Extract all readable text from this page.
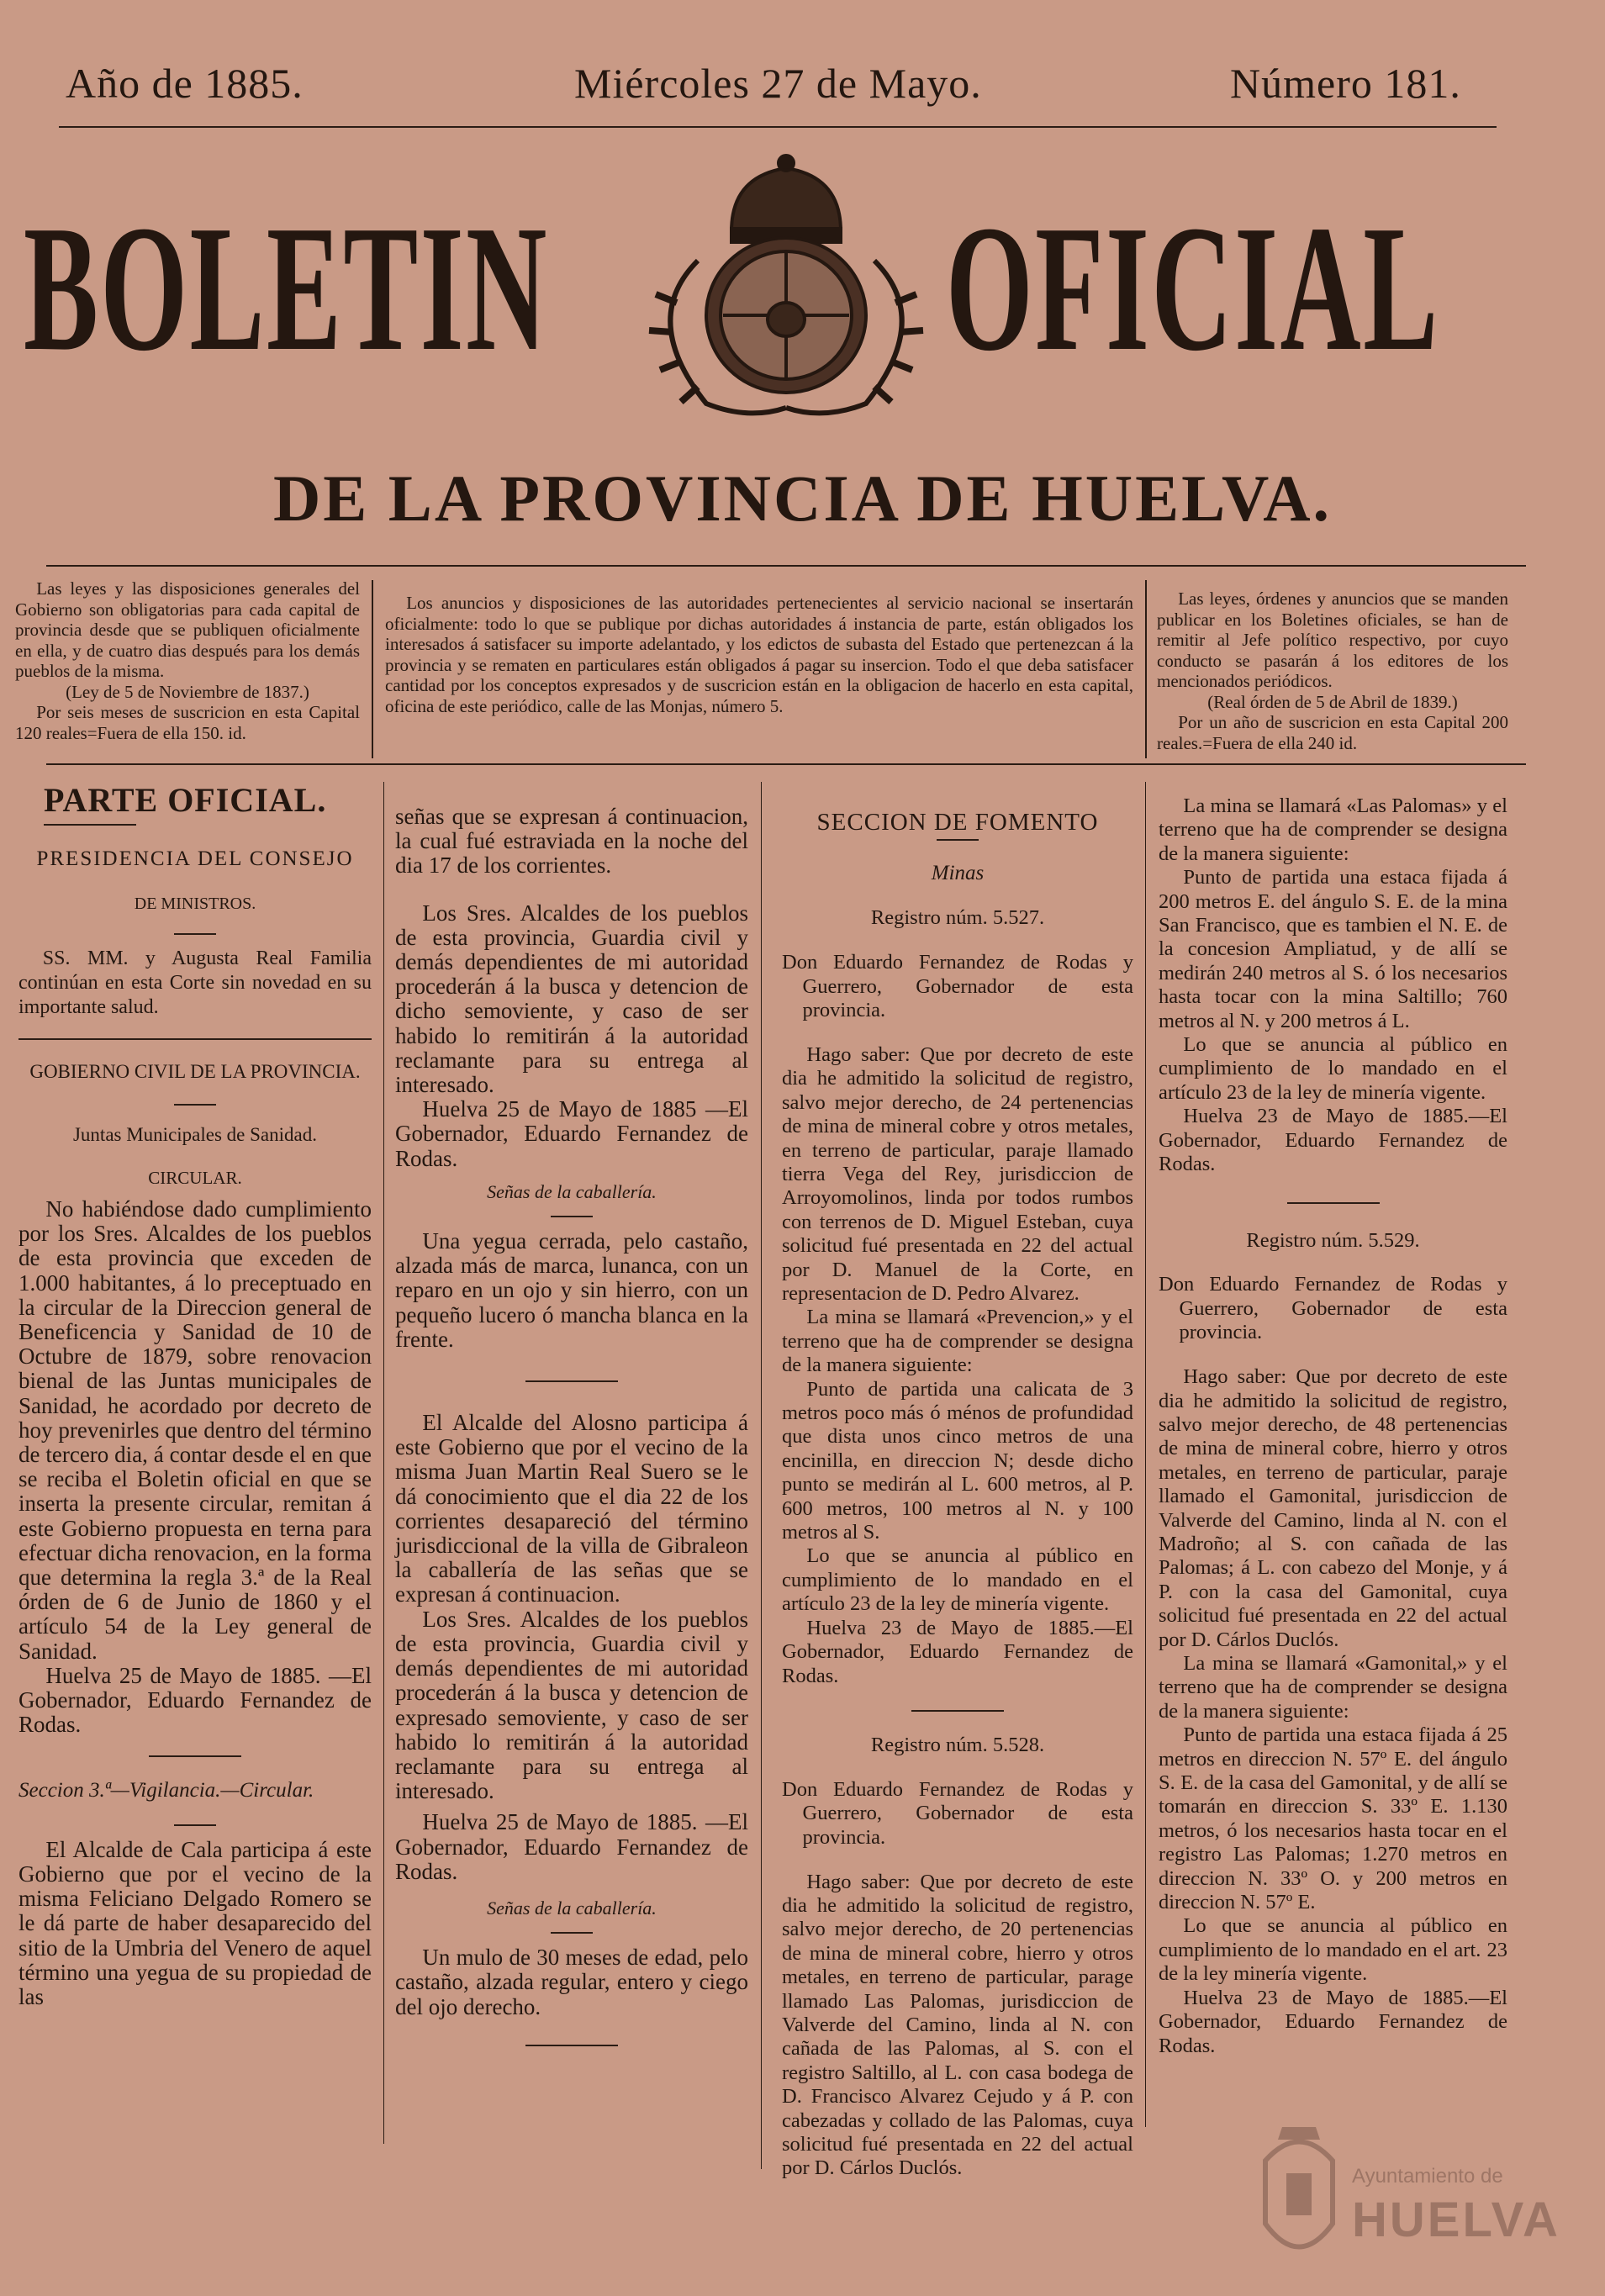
Año de 1885.	Miércoles 27 de Mayo.	Número 181.
BOLETIN OFICIAL
DE LA PROVINCIA DE HUELVA.

Las leyes y las disposiciones generales del Gobierno son obligatorias para cada capital de provincia desde que se publiquen oficialmente en ella, y de cuatro dias después para los demás pueblos de la misma.

(Ley de 5 de Noviembre de 1837.)

Por seis meses de suscricion en esta Capital 120 reales=Fuera de ella 150. id.

Los anuncios y disposiciones de las autoridades pertenecientes al servicio nacional se insertarán oficialmente: todo lo que se publique por dichas autoridades á instancia de parte, están obligados los interesados á satisfacer su importe adelantado, y los edictos de subasta del Estado que pertenezcan á la provincia y se rematen en particulares están obligados á pagar su insercion. Todo el que deba satisfacer cantidad por los conceptos expresados y de suscricion están en la obligacion de hacerlo en esta capital, oficina de este periódico, calle de las Monjas, número 5.

Las leyes, órdenes y anuncios que se manden publicar en los Boletines oficiales, se han de remitir al Jefe político respectivo, por cuyo conducto se pasarán á los editores de los mencionados periódicos.

(Real órden de 5 de Abril de 1839.)

Por un año de suscricion en esta Capital 200 reales.=Fuera de ella 240 id.

PARTE OFICIAL.

PRESIDENCIA DEL CONSEJO

DE MINISTROS.

SS. MM. y Augusta Real Familia continúan en esta Corte sin novedad en su importante salud.

GOBIERNO CIVIL DE LA PROVINCIA.

Juntas Municipales de Sanidad.

CIRCULAR.

No habiéndose dado cumplimiento por los Sres. Alcaldes de los pueblos de esta provincia que exceden de 1.000 habitantes, á lo preceptuado en la circular de la Direccion general de Beneficencia y Sanidad de 10 de Octubre de 1879, sobre renovacion bienal de las Juntas municipales de Sanidad, he acordado por decreto de hoy prevenirles que dentro del término de tercero dia, á contar desde el en que se reciba el Boletin oficial en que se inserta la presente circular, remitan á este Gobierno propuesta en terna para efectuar dicha renovacion, en la forma que determina la regla 3.ª de la Real órden de 6 de Junio de 1860 y el artículo 54 de la Ley general de Sanidad.

Huelva 25 de Mayo de 1885. —El Gobernador, Eduardo Fernandez de Rodas.

Seccion 3.ª—Vigilancia.—Circular.

El Alcalde de Cala participa á este Gobierno que por el vecino de la misma Feliciano Delgado Romero se le dá parte de haber desaparecido del sitio de la Umbria del Venero de aquel término una yegua de su propiedad de las

señas que se expresan á continuacion, la cual fué estraviada en la noche del dia 17 de los corrientes.

Los Sres. Alcaldes de los pueblos de esta provincia, Guardia civil y demás dependientes de mi autoridad procederán á la busca y detencion de dicho semoviente, y caso de ser habido lo remitirán á la autoridad reclamante para su entrega al interesado.

Huelva 25 de Mayo de 1885 —El Gobernador, Eduardo Fernandez de Rodas.

Señas de la caballería.

Una yegua cerrada, pelo castaño, alzada más de marca, lunanca, con un reparo en un ojo y sin hierro, con un pequeño lucero ó mancha blanca en la frente.

El Alcalde del Alosno participa á este Gobierno que por el vecino de la misma Juan Martin Real Suero se le dá conocimiento que el dia 22 de los corrientes desapareció del término jurisdiccional de la villa de Gibraleon la caballería de las señas que se expresan á continuacion.

Los Sres. Alcaldes de los pueblos de esta provincia, Guardia civil y demás dependientes de mi autoridad procederán á la busca y detencion de expresado semoviente, y caso de ser habido lo remitirán á la autoridad reclamante para su entrega al interesado.

Huelva 25 de Mayo de 1885. —El Gobernador, Eduardo Fernandez de Rodas.

Señas de la caballería.

Un mulo de 30 meses de edad, pelo castaño, alzada regular, entero y ciego del ojo derecho.

SECCION DE FOMENTO

Minas

Registro núm. 5.527.

Don Eduardo Fernandez de Rodas y Guerrero, Gobernador de esta provincia.

Hago saber: Que por decreto de este dia he admitido la solicitud de registro, salvo mejor derecho, de 24 pertenencias de mina de mineral cobre y otros metales, en terreno de particular, paraje llamado tierra Vega del Rey, jurisdiccion de Arroyomolinos, linda por todos rumbos con terrenos de D. Miguel Esteban, cuya solicitud fué presentada en 22 del actual por D. Manuel de la Corte, en representacion de D. Pedro Alvarez.

La mina se llamará «Prevencion,» y el terreno que ha de comprender se designa de la manera siguiente:

Punto de partida una calicata de 3 metros poco más ó ménos de profundidad que dista unos cinco metros de una encinilla, en direccion N; desde dicho punto se medirán al L. 600 metros, al P. 600 metros, 100 metros al N. y 100 metros al S.

Lo que se anuncia al público en cumplimiento de lo mandado en el artículo 23 de la ley de minería vigente.

Huelva 23 de Mayo de 1885.—El Gobernador, Eduardo Fernandez de Rodas.

Registro núm. 5.528.

Don Eduardo Fernandez de Rodas y Guerrero, Gobernador de esta provincia.

Hago saber: Que por decreto de este dia he admitido la solicitud de registro, salvo mejor derecho, de 20 pertenencias de mina de mineral cobre, hierro y otros metales, en terreno de particular, parage llamado Las Palomas, jurisdiccion de Valverde del Camino, linda al N. con cañada de las Palomas, al S. con el registro Saltillo, al L. con casa bodega de D. Francisco Alvarez Cejudo y á P. con cabezadas y collado de las Palomas, cuya solicitud fué presentada en 22 del actual por D. Cárlos Duclós.

La mina se llamará «Las Palomas» y el terreno que ha de comprender se designa de la manera siguiente:

Punto de partida una estaca fijada á 200 metros E. del ángulo S. E. de la mina San Francisco, que es tambien el N. E. de la concesion Ampliatud, y de allí se medirán 240 metros al S. ó los necesarios hasta tocar con la mina Saltillo; 760 metros al N. y 200 metros á L.

Lo que se anuncia al público en cumplimiento de lo mandado en el artículo 23 de la ley de minería vigente.

Huelva 23 de Mayo de 1885.—El Gobernador, Eduardo Fernandez de Rodas.

Registro núm. 5.529.

Don Eduardo Fernandez de Rodas y Guerrero, Gobernador de esta provincia.

Hago saber: Que por decreto de este dia he admitido la solicitud de registro, salvo mejor derecho, de 48 pertenencias de mina de mineral cobre, hierro y otros metales, en terreno de particular, paraje llamado el Gamonital, jurisdiccion de Valverde del Camino, linda al N. con el Madroño; al S. con cañada de las Palomas; á L. con cabezo del Monje, y á P. con la casa del Gamonital, cuya solicitud fué presentada en 22 del actual por D. Cárlos Duclós.

La mina se llamará «Gamonital,» y el terreno que ha de comprender se designa de la manera siguiente:

Punto de partida una estaca fijada á 25 metros en direccion N. 57º E. del ángulo S. E. de la casa del Gamonital, y de allí se tomarán en direccion S. 33º E. 1.130 metros, ó los necesarios hasta tocar en el registro Las Palomas; 1.270 metros en direccion N. 33º O. y 200 metros en direccion N. 57º E.

Lo que se anuncia al público en cumplimiento de lo mandado en el art. 23 de la ley minería vigente.

Huelva 23 de Mayo de 1885.—El Gobernador, Eduardo Fernandez de Rodas.

Ayuntamiento de
HUELVA
